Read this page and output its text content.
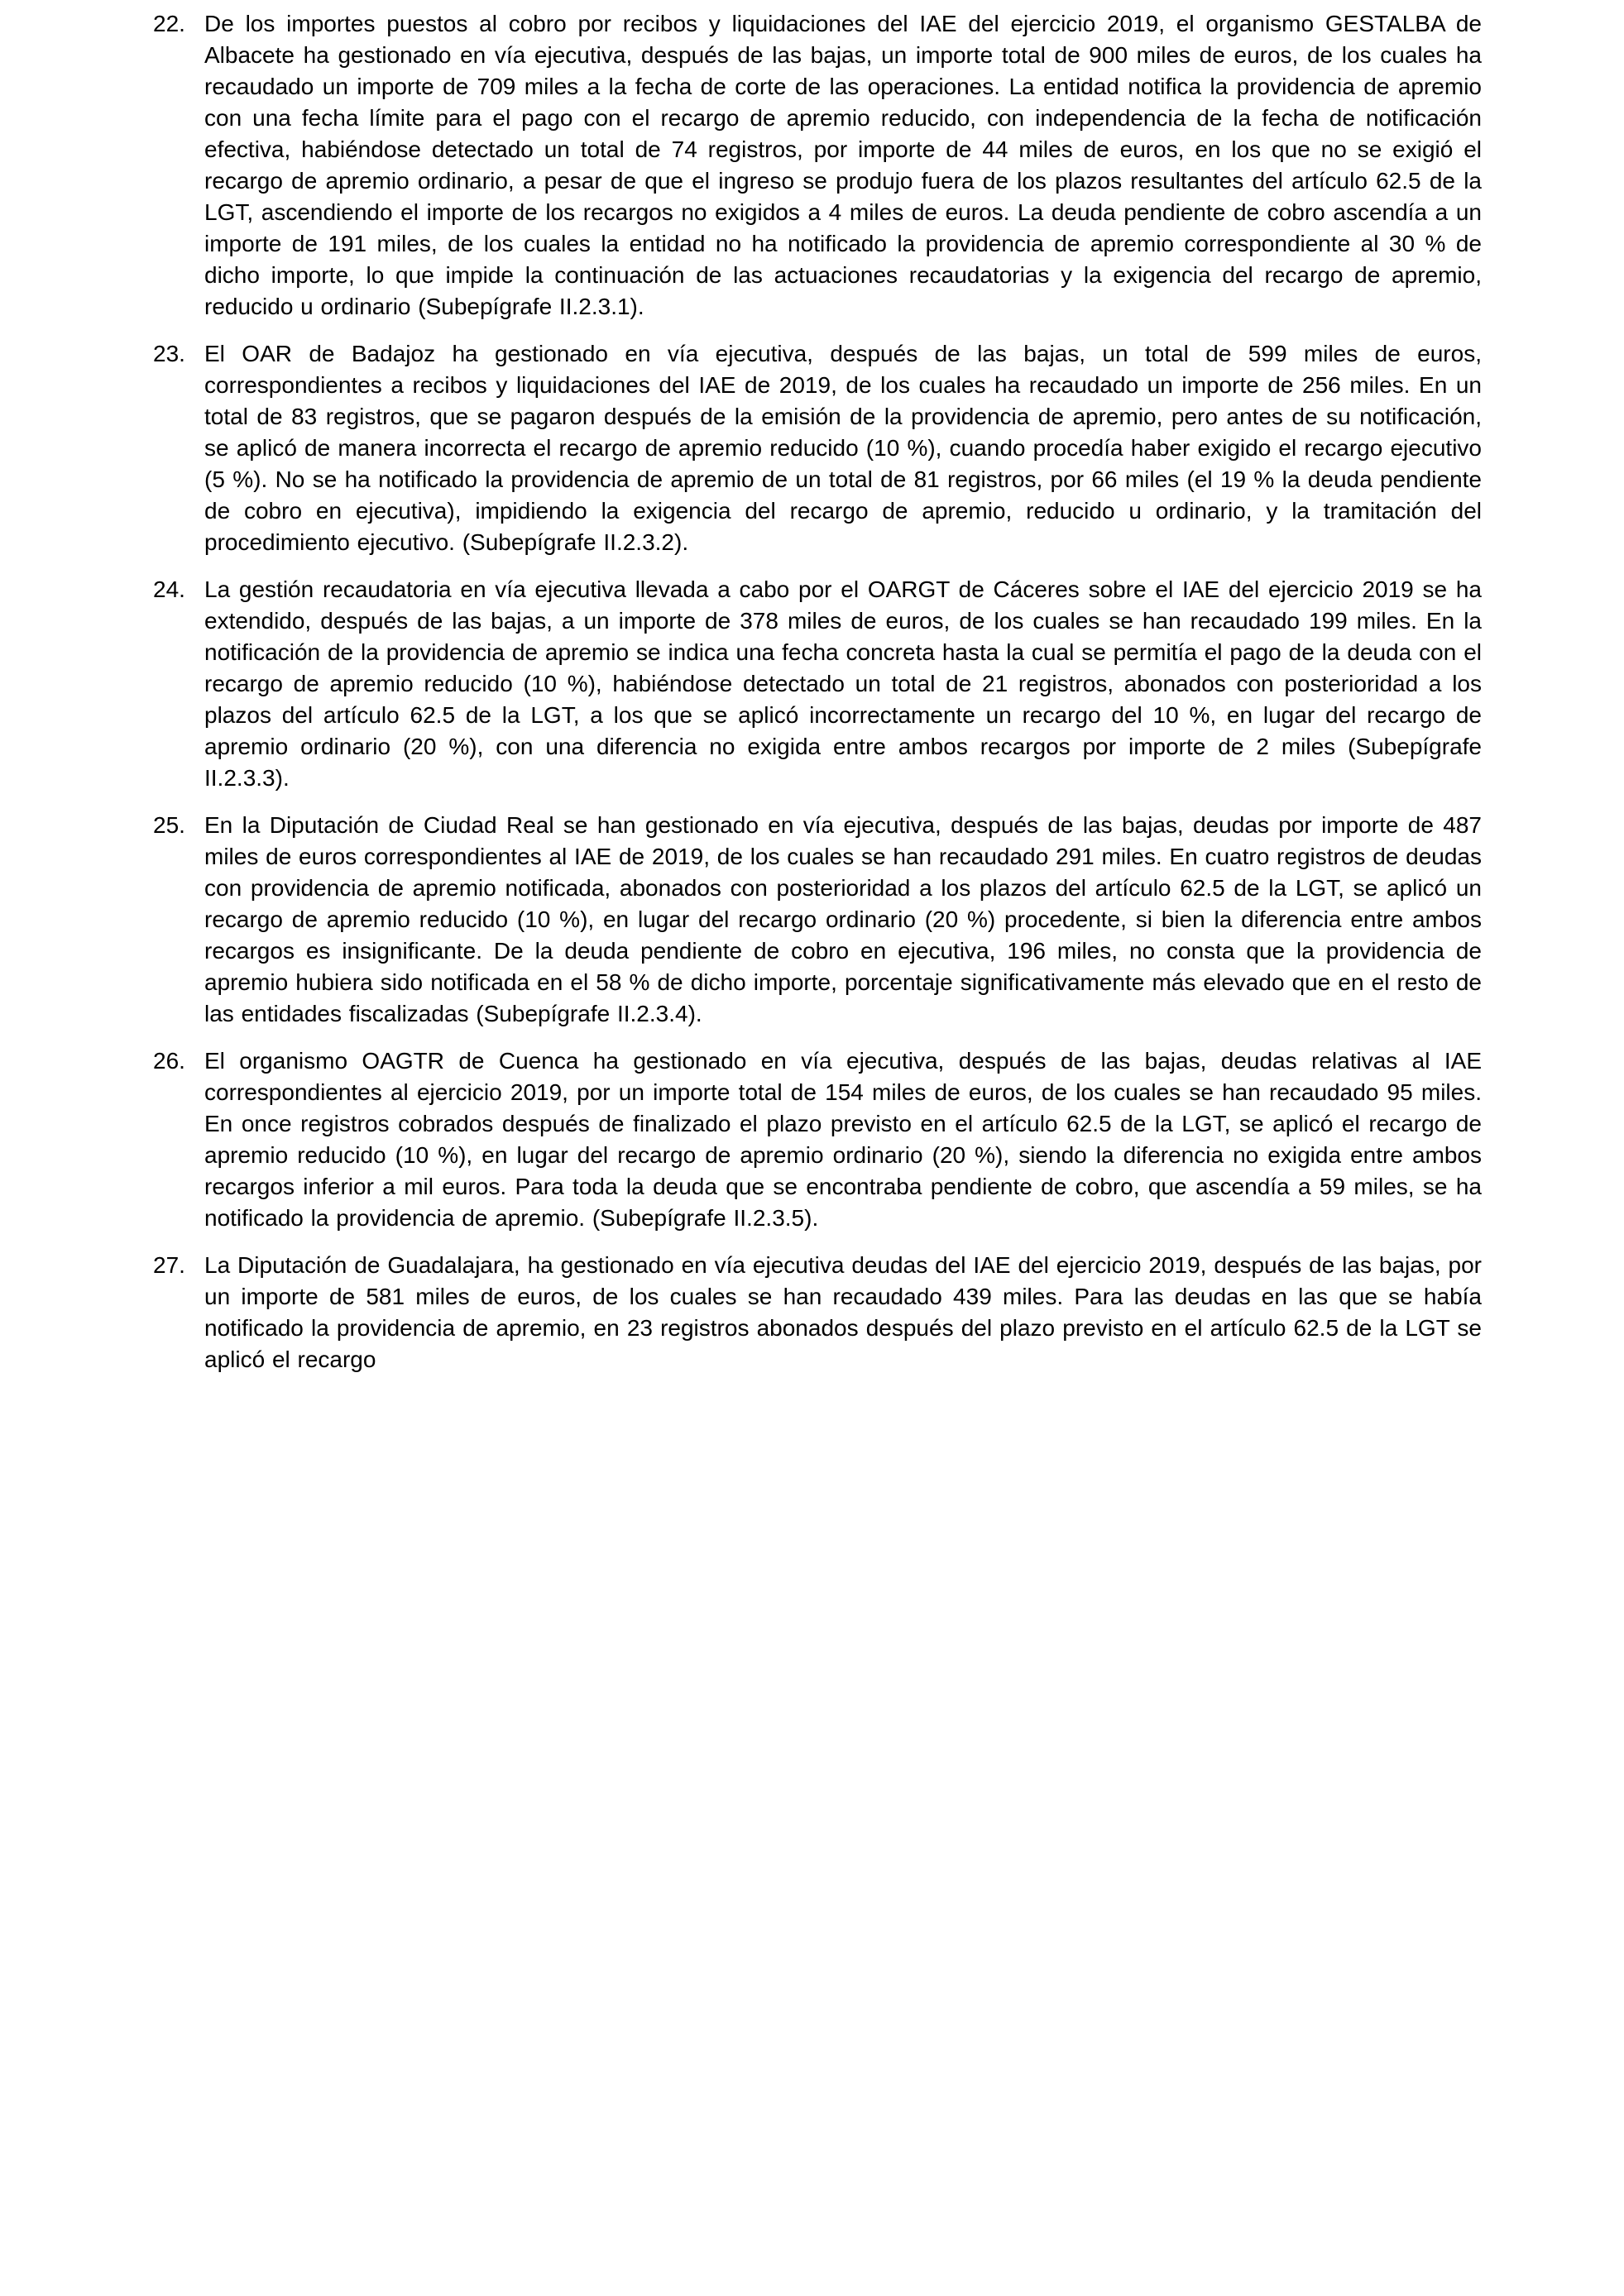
22. De los importes puestos al cobro por recibos y liquidaciones del IAE del ejercicio 2019, el organismo GESTALBA de Albacete ha gestionado en vía ejecutiva, después de las bajas, un importe total de 900 miles de euros, de los cuales ha recaudado un importe de 709 miles a la fecha de corte de las operaciones. La entidad notifica la providencia de apremio con una fecha límite para el pago con el recargo de apremio reducido, con independencia de la fecha de notificación efectiva, habiéndose detectado un total de 74 registros, por importe de 44 miles de euros, en los que no se exigió el recargo de apremio ordinario, a pesar de que el ingreso se produjo fuera de los plazos resultantes del artículo 62.5 de la LGT, ascendiendo el importe de los recargos no exigidos a 4 miles de euros. La deuda pendiente de cobro ascendía a un importe de 191 miles, de los cuales la entidad no ha notificado la providencia de apremio correspondiente al 30 % de dicho importe, lo que impide la continuación de las actuaciones recaudatorias y la exigencia del recargo de apremio, reducido u ordinario (Subepígrafe II.2.3.1).
23. El OAR de Badajoz ha gestionado en vía ejecutiva, después de las bajas, un total de 599 miles de euros, correspondientes a recibos y liquidaciones del IAE de 2019, de los cuales ha recaudado un importe de 256 miles. En un total de 83 registros, que se pagaron después de la emisión de la providencia de apremio, pero antes de su notificación, se aplicó de manera incorrecta el recargo de apremio reducido (10 %), cuando procedía haber exigido el recargo ejecutivo (5 %). No se ha notificado la providencia de apremio de un total de 81 registros, por 66 miles (el 19 % la deuda pendiente de cobro en ejecutiva), impidiendo la exigencia del recargo de apremio, reducido u ordinario, y la tramitación del procedimiento ejecutivo. (Subepígrafe II.2.3.2).
24. La gestión recaudatoria en vía ejecutiva llevada a cabo por el OARGT de Cáceres sobre el IAE del ejercicio 2019 se ha extendido, después de las bajas, a un importe de 378 miles de euros, de los cuales se han recaudado 199 miles. En la notificación de la providencia de apremio se indica una fecha concreta hasta la cual se permitía el pago de la deuda con el recargo de apremio reducido (10 %), habiéndose detectado un total de 21 registros, abonados con posterioridad a los plazos del artículo 62.5 de la LGT, a los que se aplicó incorrectamente un recargo del 10 %, en lugar del recargo de apremio ordinario (20 %), con una diferencia no exigida entre ambos recargos por importe de 2 miles (Subepígrafe II.2.3.3).
25. En la Diputación de Ciudad Real se han gestionado en vía ejecutiva, después de las bajas, deudas por importe de 487 miles de euros correspondientes al IAE de 2019, de los cuales se han recaudado 291 miles. En cuatro registros de deudas con providencia de apremio notificada, abonados con posterioridad a los plazos del artículo 62.5 de la LGT, se aplicó un recargo de apremio reducido (10 %), en lugar del recargo ordinario (20 %) procedente, si bien la diferencia entre ambos recargos es insignificante. De la deuda pendiente de cobro en ejecutiva, 196 miles, no consta que la providencia de apremio hubiera sido notificada en el 58 % de dicho importe, porcentaje significativamente más elevado que en el resto de las entidades fiscalizadas (Subepígrafe II.2.3.4).
26. El organismo OAGTR de Cuenca ha gestionado en vía ejecutiva, después de las bajas, deudas relativas al IAE correspondientes al ejercicio 2019, por un importe total de 154 miles de euros, de los cuales se han recaudado 95 miles. En once registros cobrados después de finalizado el plazo previsto en el artículo 62.5 de la LGT, se aplicó el recargo de apremio reducido (10 %), en lugar del recargo de apremio ordinario (20 %), siendo la diferencia no exigida entre ambos recargos inferior a mil euros. Para toda la deuda que se encontraba pendiente de cobro, que ascendía a 59 miles, se ha notificado la providencia de apremio. (Subepígrafe II.2.3.5).
27. La Diputación de Guadalajara, ha gestionado en vía ejecutiva deudas del IAE del ejercicio 2019, después de las bajas, por un importe de 581 miles de euros, de los cuales se han recaudado 439 miles. Para las deudas en las que se había notificado la providencia de apremio, en 23 registros abonados después del plazo previsto en el artículo 62.5 de la LGT se aplicó el recargo
